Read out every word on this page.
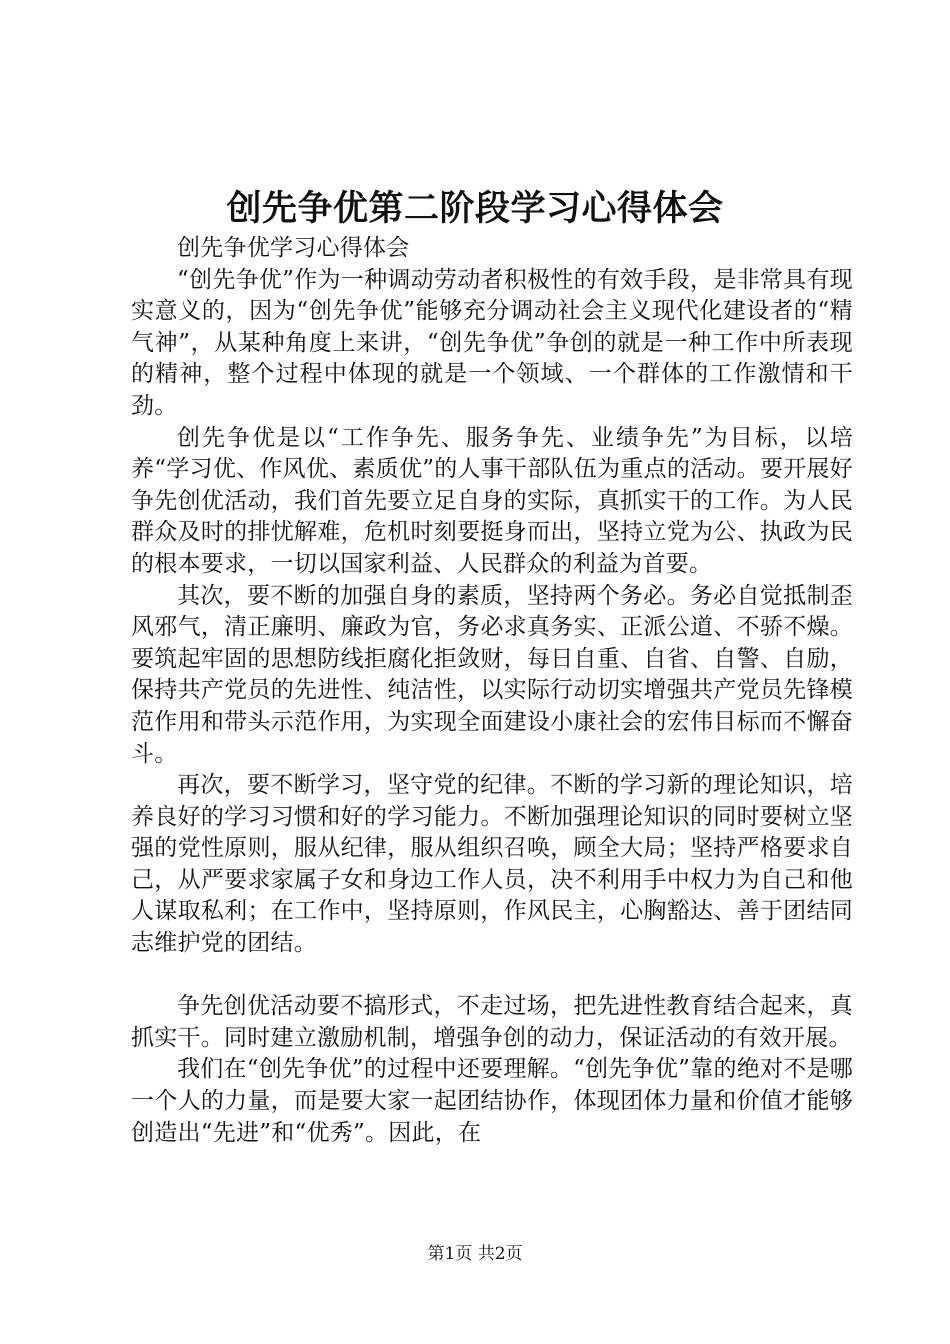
创先争优第二阶段学习心得体会

创先争优学习心得体会

“创先争优”作为一种调动劳动者积极性的有效手段，是非常具有现实意义的，因为“创先争优”能够充分调动社会主义现代化建设者的“精气神”，从某种角度上来讲，“创先争优”争创的就是一种工作中所表现的精神，整个过程中体现的就是一个领域、一个群体的工作激情和干劲。

创先争优是以“工作争先、服务争先、业绩争先”为目标，以培养“学习优、作风优、素质优”的人事干部队伍为重点的活动。要开展好争先创优活动，我们首先要立足自身的实际，真抓实干的工作。为人民群众及时的排忧解难，危机时刻要挺身而出，坚持立党为公、执政为民的根本要求，一切以国家利益、人民群众的利益为首要。

其次，要不断的加强自身的素质，坚持两个务必。务必自觉抵制歪风邪气，清正廉明、廉政为官，务必求真务实、正派公道、不骄不燥。要筑起牢固的思想防线拒腐化拒敛财，每日自重、自省、自警、自励，保持共产党员的先进性、纯洁性，以实际行动切实增强共产党员先锋模范作用和带头示范作用，为实现全面建设小康社会的宏伟目标而不懈奋斗。

再次，要不断学习，坚守党的纪律。不断的学习新的理论知识，培养良好的学习习惯和好的学习能力。不断加强理论知识的同时要树立坚强的党性原则，服从纪律，服从组织召唤，顾全大局；坚持严格要求自己，从严要求家属子女和身边工作人员，决不利用手中权力为自己和他人谋取私利；在工作中，坚持原则，作风民主，心胸豁达、善于团结同志维护党的团结。

争先创优活动要不搞形式，不走过场，把先进性教育结合起来，真抓实干。同时建立激励机制，增强争创的动力，保证活动的有效开展。

我们在“创先争优”的过程中还要理解。“创先争优”靠的绝对不是哪一个人的力量，而是要大家一起团结协作，体现团体力量和价值才能够创造出“先进”和“优秀”。因此，在

第1页 共2页
